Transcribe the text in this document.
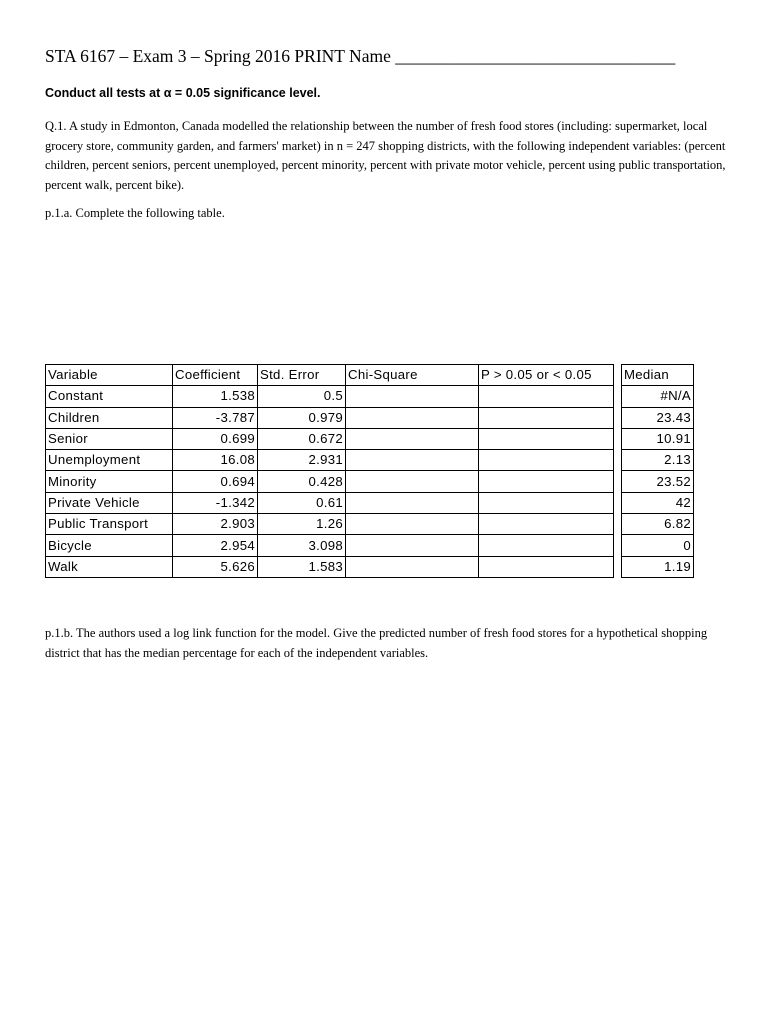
STA 6167 – Exam 3 – Spring 2016 PRINT Name ________________________________
Conduct all tests at α = 0.05 significance level.
Q.1. A study in Edmonton, Canada modelled the relationship between the number of fresh food stores (including: supermarket, local grocery store, community garden, and farmers' market) in n = 247 shopping districts, with the following independent variables: (percent children, percent seniors, percent unemployed, percent minority, percent with private motor vehicle, percent using public transportation, percent walk, percent bike).
p.1.a. Complete the following table.
Variable	Coefficient	Std. Error	Chi-Square	P > 0.05 or < 0.05		Median
Constant	1.538	0.5				#N/A
Children	-3.787	0.979				23.43
Senior	0.699	0.672				10.91
Unemployment	16.08	2.931				2.13
Minority	0.694	0.428				23.52
Private Vehicle	-1.342	0.61				42
Public Transport	2.903	1.26				6.82
Bicycle	2.954	3.098				0
Walk	5.626	1.583				1.19
p.1.b. The authors used a log link function for the model. Give the predicted number of fresh food stores for a hypothetical shopping district that has the median percentage for each of the independent variables.
